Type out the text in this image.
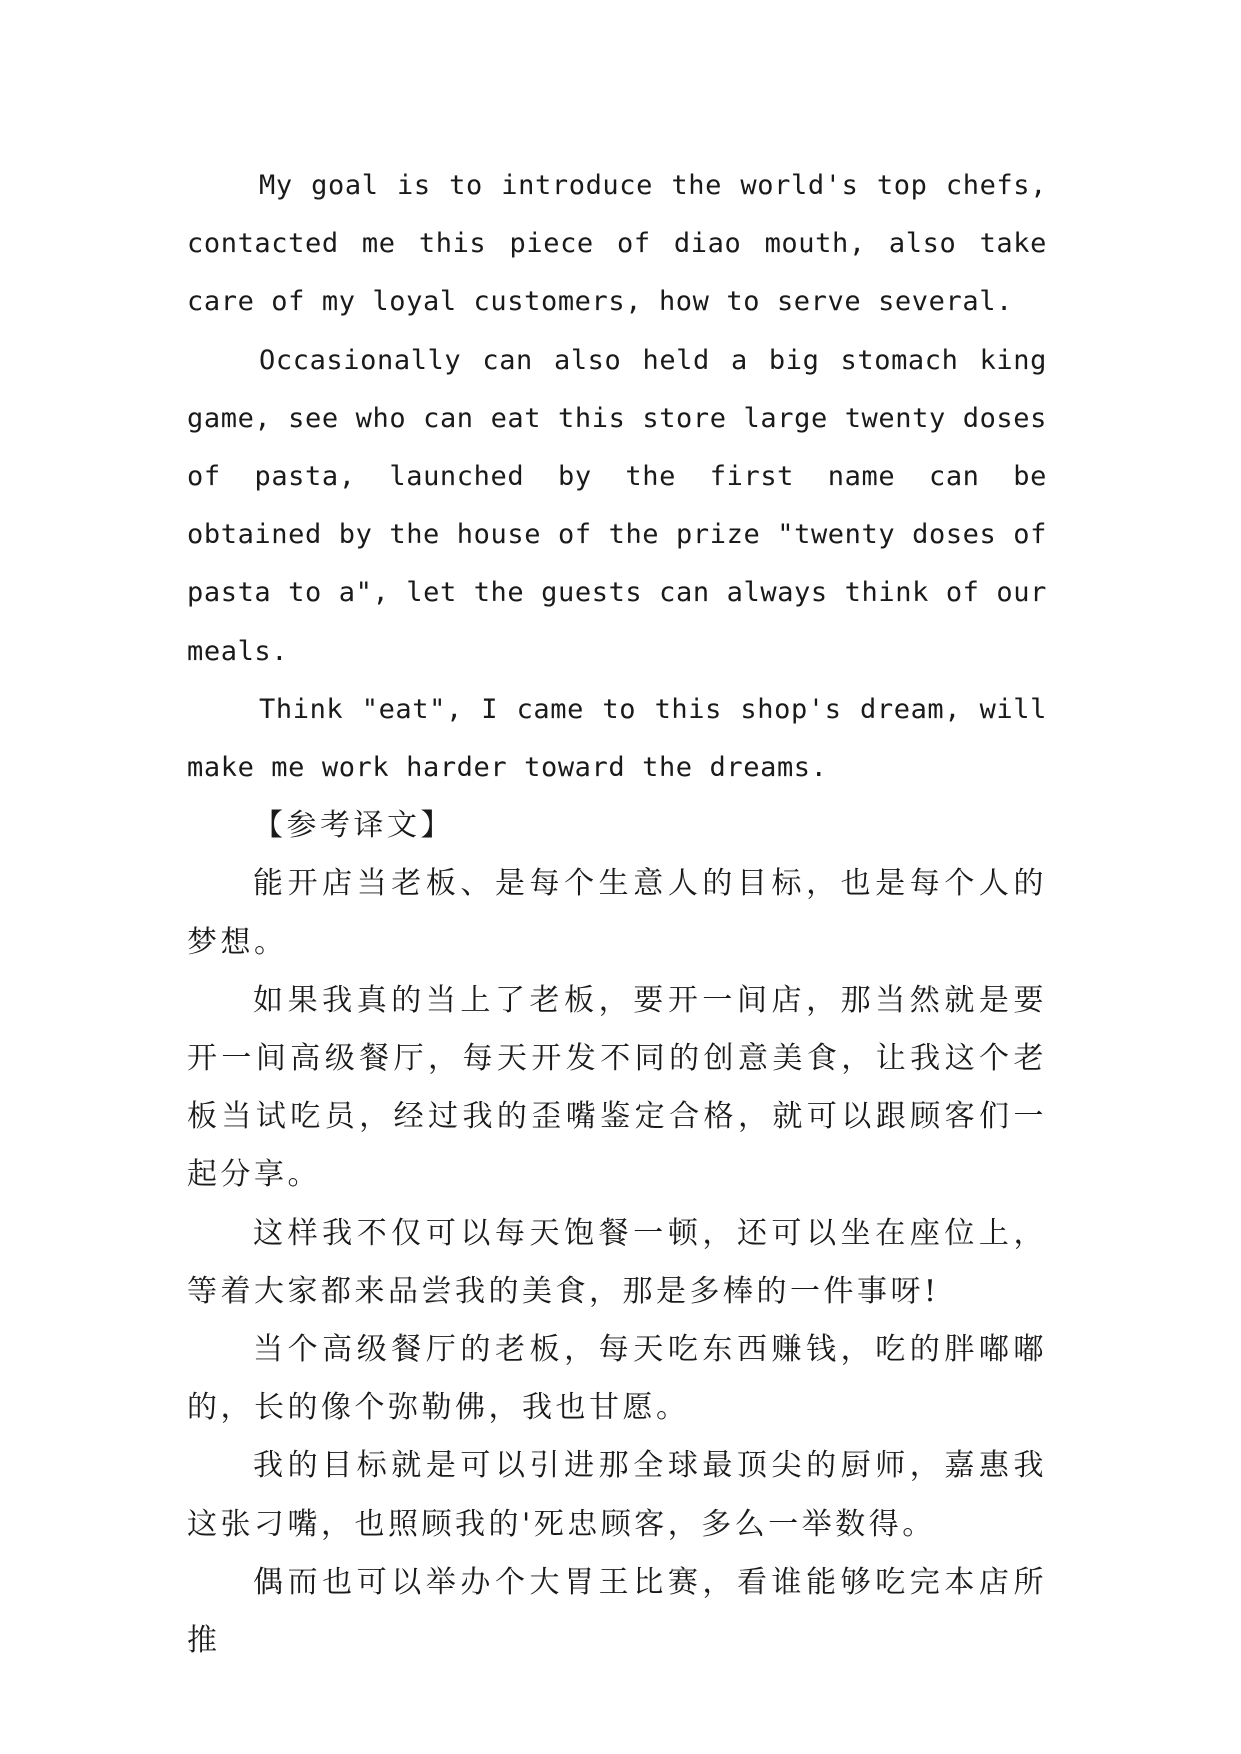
My goal is to introduce the world's top chefs, contacted me this piece of diao mouth, also take care of my loyal customers, how to serve several.

Occasionally can also held a big stomach king game, see who can eat this store large twenty doses of pasta, launched by the first name can be obtained by the house of the prize "twenty doses of pasta to a", let the guests can always think of our meals.

Think "eat", I came to this shop's dream, will make me work harder toward the dreams.

【参考译文】

能开店当老板、是每个生意人的目标，也是每个人的梦想。

如果我真的当上了老板，要开一间店，那当然就是要开一间高级餐厅，每天开发不同的创意美食，让我这个老板当试吃员，经过我的歪嘴鉴定合格，就可以跟顾客们一起分享。

这样我不仅可以每天饱餐一顿，还可以坐在座位上，等着大家都来品尝我的美食，那是多棒的一件事呀!

当个高级餐厅的老板，每天吃东西赚钱，吃的胖嘟嘟的，长的像个弥勒佛，我也甘愿。

我的目标就是可以引进那全球最顶尖的厨师，嘉惠我这张刁嘴，也照顾我的'死忠顾客，多么一举数得。

偶而也可以举办个大胃王比赛，看谁能够吃完本店所推
